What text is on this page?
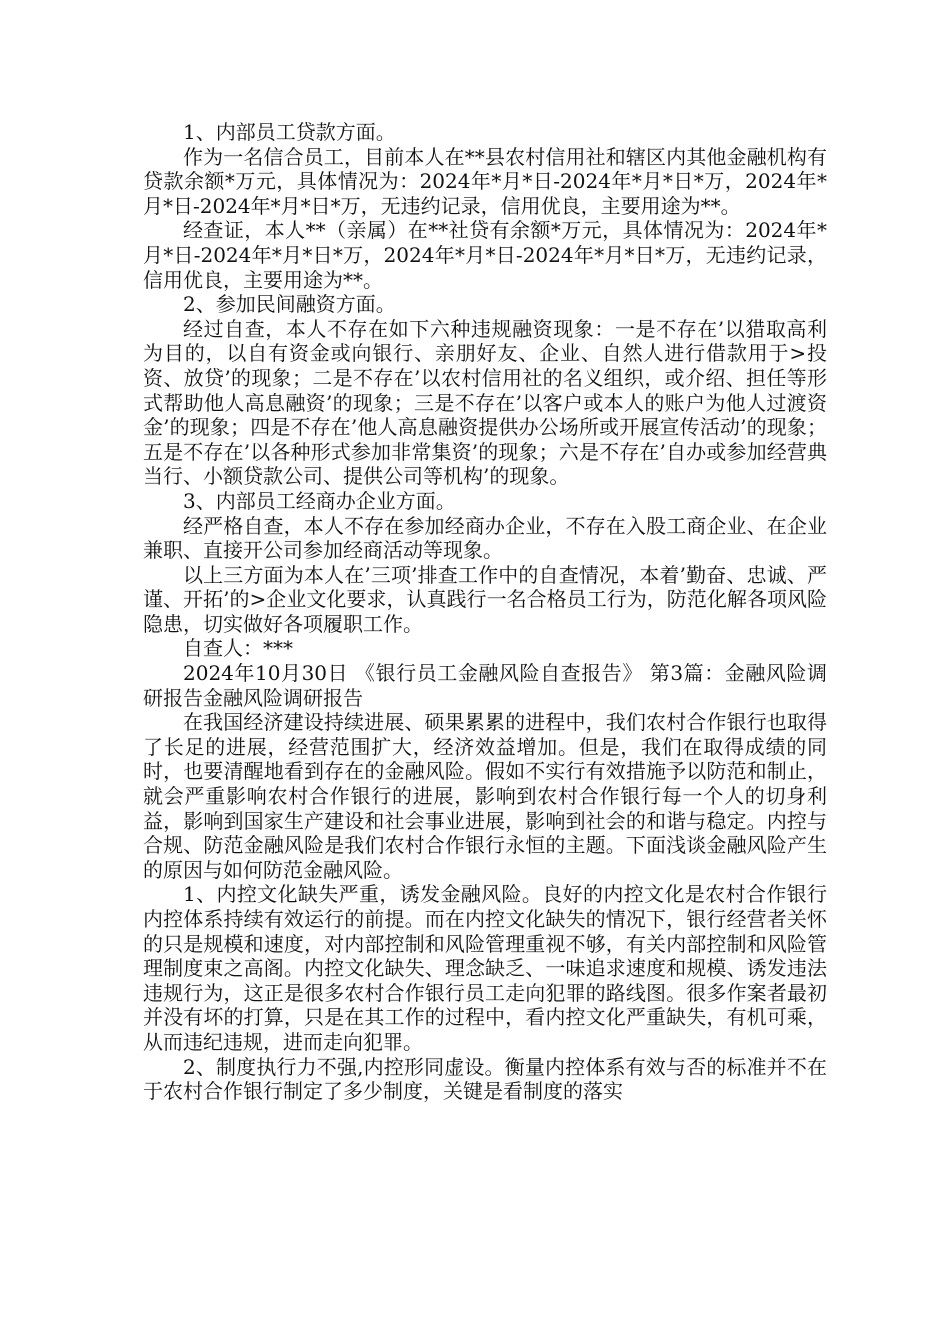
1、内部员工贷款方面。

作为一名信合员工，目前本人在**县农村信用社和辖区内其他金融机构有贷款余额*万元，具体情况为：2024年*月*日-2024年*月*日*万，2024年*月*日-2024年*月*日*万，无违约记录，信用优良，主要用途为**。

经查证，本人**（亲属）在**社贷有余额*万元，具体情况为：2024年*月*日-2024年*月*日*万，2024年*月*日-2024年*月*日*万，无违约记录，信用优良，主要用途为**。

2、参加民间融资方面。

经过自查，本人不存在如下六种违规融资现象：一是不存在’以猎取高利为目的，以自有资金或向银行、亲朋好友、企业、自然人进行借款用于>投资、放贷’的现象；二是不存在’以农村信用社的名义组织，或介绍、担任等形式帮助他人高息融资’的现象；三是不存在’以客户或本人的账户为他人过渡资金’的现象；四是不存在’他人高息融资提供办公场所或开展宣传活动’的现象；五是不存在’以各种形式参加非常集资’的现象；六是不存在’自办或参加经营典当行、小额贷款公司、提供公司等机构’的现象。

3、内部员工经商办企业方面。

经严格自查，本人不存在参加经商办企业，不存在入股工商企业、在企业兼职、直接开公司参加经商活动等现象。

以上三方面为本人在’三项’排查工作中的自查情况，本着’勤奋、忠诚、严谨、开拓’的>企业文化要求，认真践行一名合格员工行为，防范化解各项风险隐患，切实做好各项履职工作。

自查人：***

2024年10月30日 《银行员工金融风险自查报告》 第3篇：金融风险调研报告金融风险调研报告

在我国经济建设持续进展、硕果累累的进程中，我们农村合作银行也取得了长足的进展，经营范围扩大，经济效益增加。但是，我们在取得成绩的同时，也要清醒地看到存在的金融风险。假如不实行有效措施予以防范和制止，就会严重影响农村合作银行的进展，影响到农村合作银行每一个人的切身利益，影响到国家生产建设和社会事业进展，影响到社会的和谐与稳定。内控与合规、防范金融风险是我们农村合作银行永恒的主题。下面浅谈金融风险产生的原因与如何防范金融风险。

1、内控文化缺失严重，诱发金融风险。良好的内控文化是农村合作银行内控体系持续有效运行的前提。而在内控文化缺失的情况下，银行经营者关怀的只是规模和速度，对内部控制和风险管理重视不够，有关内部控制和风险管理制度束之高阁。内控文化缺失、理念缺乏、一味追求速度和规模、诱发违法违规行为，这正是很多农村合作银行员工走向犯罪的路线图。很多作案者最初并没有坏的打算，只是在其工作的过程中，看内控文化严重缺失，有机可乘，从而违纪违规，进而走向犯罪。

2、制度执行力不强,内控形同虚设。衡量内控体系有效与否的标准并不在于农村合作银行制定了多少制度，关键是看制度的落实
